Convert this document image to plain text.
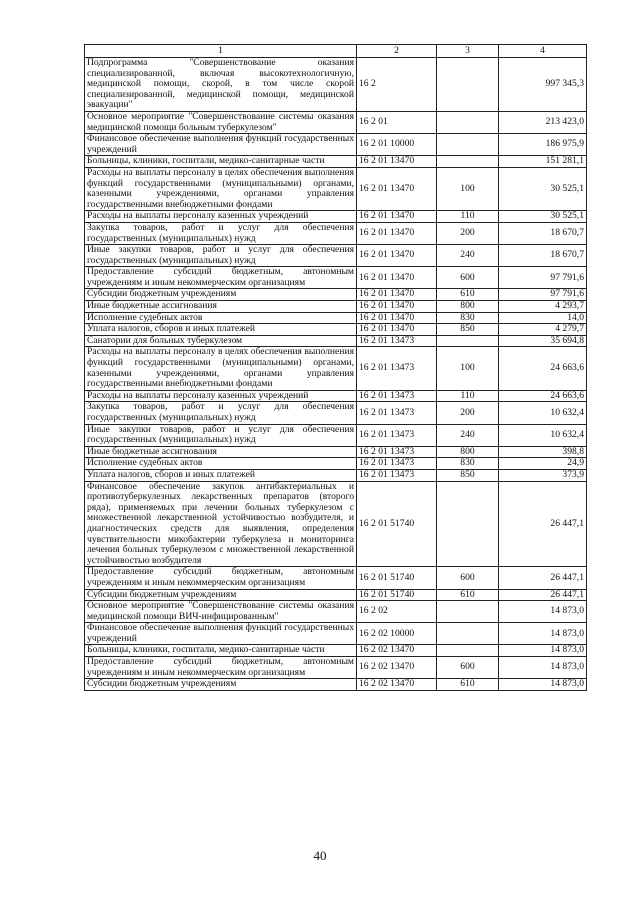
1	2	3	4
Подпрограмма "Совершенствование оказания специализированной, включая высокотехнологичную, медицинской помощи, скорой, в том числе скорой специализированной, медицинской помощи, медицинской эвакуации"	16 2		997 345,3
Основное мероприятие "Совершенствование системы оказания медицинской помощи больным туберкулезом"	16 2 01		213 423,0
Финансовое обеспечение выполнения функций государственных учреждений	16 2 01 10000		186 975,9
Больницы, клиники, госпитали, медико-санитарные части	16 2 01 13470		151 281,1
Расходы на выплаты персоналу в целях обеспечения выполнения функций государственными (муниципальными) органами, казенными учреждениями, органами управления государственными внебюджетными фондами	16 2 01 13470	100	30 525,1
Расходы на выплаты персоналу казенных учреждений	16 2 01 13470	110	30 525,1
Закупка товаров, работ и услуг для обеспечения государственных (муниципальных) нужд	16 2 01 13470	200	18 670,7
Иные закупки товаров, работ и услуг для обеспечения государственных (муниципальных) нужд	16 2 01 13470	240	18 670,7
Предоставление субсидий бюджетным, автономным учреждениям и иным некоммерческим организациям	16 2 01 13470	600	97 791,6
Субсидии бюджетным учреждениям	16 2 01 13470	610	97 791,6
Иные бюджетные ассигнования	16 2 01 13470	800	4 293,7
Исполнение судебных актов	16 2 01 13470	830	14,0
Уплата налогов, сборов и иных платежей	16 2 01 13470	850	4 279,7
Санатории для больных туберкулезом	16 2 01 13473		35 694,8
Расходы на выплаты персоналу в целях обеспечения выполнения функций государственными (муниципальными) органами, казенными учреждениями, органами управления государственными внебюджетными фондами	16 2 01 13473	100	24 663,6
Расходы на выплаты персоналу казенных учреждений	16 2 01 13473	110	24 663,6
Закупка товаров, работ и услуг для обеспечения государственных (муниципальных) нужд	16 2 01 13473	200	10 632,4
Иные закупки товаров, работ и услуг для обеспечения государственных (муниципальных) нужд	16 2 01 13473	240	10 632,4
Иные бюджетные ассигнования	16 2 01 13473	800	398,8
Исполнение судебных актов	16 2 01 13473	830	24,9
Уплата налогов, сборов и иных платежей	16 2 01 13473	850	373,9
Финансовое обеспечение закупок антибактериальных и противотуберкулезных лекарственных препаратов (второго ряда), применяемых при лечении больных туберкулезом с множественной лекарственной устойчивостью возбудителя, и диагностических средств для выявления, определения чувствительности микобактерии туберкулеза и мониторинга лечения больных туберкулезом с множественной лекарственной устойчивостью возбудителя	16 2 01 51740		26 447,1
Предоставление субсидий бюджетным, автономным учреждениям и иным некоммерческим организациям	16 2 01 51740	600	26 447,1
Субсидии бюджетным учреждениям	16 2 01 51740	610	26 447,1
Основное мероприятие "Совершенствование системы оказания медицинской помощи ВИЧ-инфицированным"	16 2 02		14 873,0
Финансовое обеспечение выполнения функций государственных учреждений	16 2 02 10000		14 873,0
Больницы, клиники, госпитали, медико-санитарные части	16 2 02 13470		14 873,0
Предоставление субсидий бюджетным, автономным учреждениям и иным некоммерческим организациям	16 2 02 13470	600	14 873,0
Субсидии бюджетным учреждениям	16 2 02 13470	610	14 873,0
40
